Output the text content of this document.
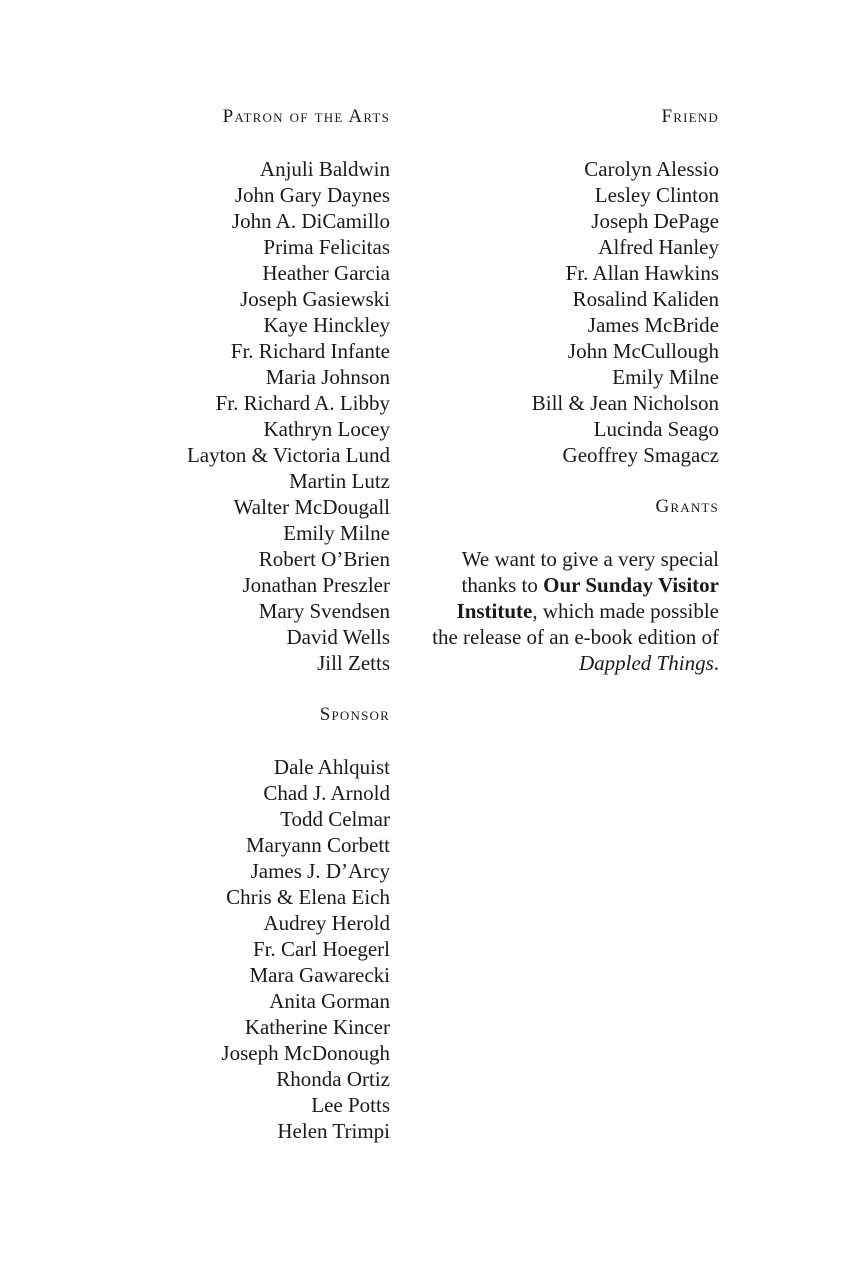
Patron of the Arts
Anjuli Baldwin
John Gary Daynes
John A. DiCamillo
Prima Felicitas
Heather Garcia
Joseph Gasiewski
Kaye Hinckley
Fr. Richard Infante
Maria Johnson
Fr. Richard A. Libby
Kathryn Locey
Layton & Victoria Lund
Martin Lutz
Walter McDougall
Emily Milne
Robert O’Brien
Jonathan Preszler
Mary Svendsen
David Wells
Jill Zetts
Sponsor
Dale Ahlquist
Chad J. Arnold
Todd Celmar
Maryann Corbett
James J. D’Arcy
Chris & Elena Eich
Audrey Herold
Fr. Carl Hoegerl
Mara Gawarecki
Anita Gorman
Katherine Kincer
Joseph McDonough
Rhonda Ortiz
Lee Potts
Helen Trimpi
Friend
Carolyn Alessio
Lesley Clinton
Joseph DePage
Alfred Hanley
Fr. Allan Hawkins
Rosalind Kaliden
James McBride
John McCullough
Emily Milne
Bill & Jean Nicholson
Lucinda Seago
Geoffrey Smagacz
Grants

We want to give a very special thanks to Our Sunday Visitor Institute, which made possible the release of an e-book edition of Dappled Things.
